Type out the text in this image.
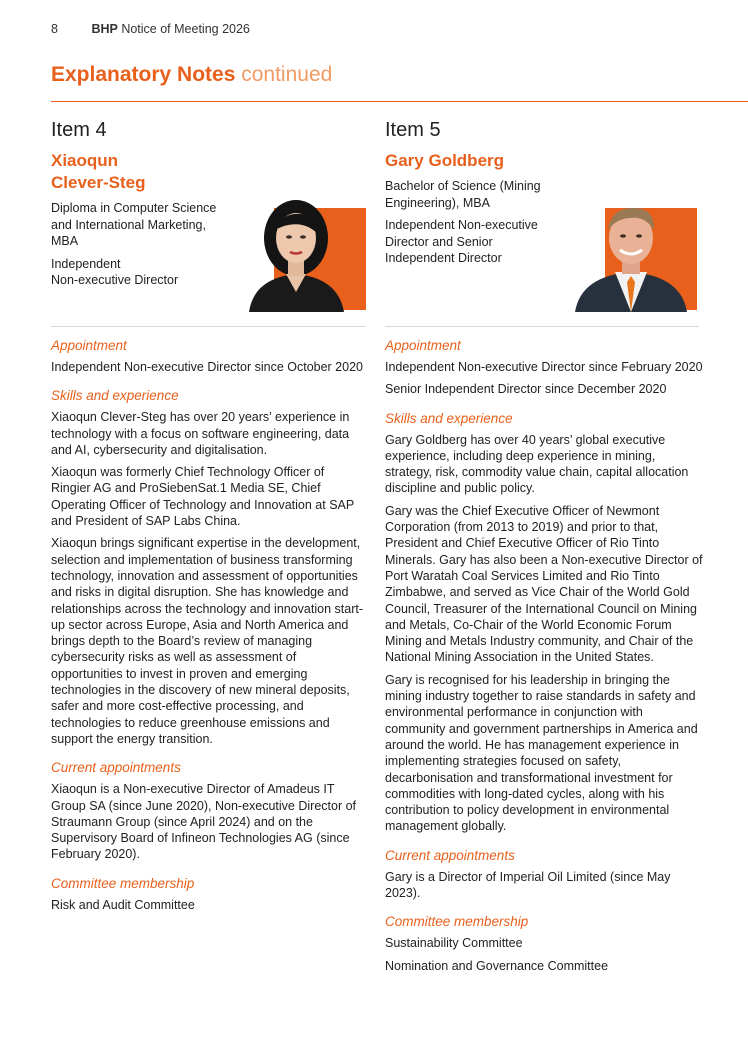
8	BHP Notice of Meeting 2026
Explanatory Notes continued
Item 4
Xiaoqun
Clever-Steg

Diploma in Computer Science and International Marketing, MBA

Independent
Non-executive Director

Appointment

Independent Non-executive Director since October 2020

Skills and experience

Xiaoqun Clever-Steg has over 20 years’ experience in technology with a focus on software engineering, data and AI, cybersecurity and digitalisation.

Xiaoqun was formerly Chief Technology Officer of Ringier AG and ProSiebenSat.1 Media SE, Chief Operating Officer of Technology and Innovation at SAP and President of SAP Labs China.

Xiaoqun brings significant expertise in the development, selection and implementation of business transforming technology, innovation and assessment of opportunities and risks in digital disruption. She has knowledge and relationships across the technology and innovation start-up sector across Europe, Asia and North America and brings depth to the Board’s review of managing cybersecurity risks as well as assessment of opportunities to invest in proven and emerging technologies in the discovery of new mineral deposits, safer and more cost-effective processing, and technologies to reduce greenhouse emissions and support the energy transition.

Current appointments

Xiaoqun is a Non-executive Director of Amadeus IT Group SA (since June 2020), Non-executive Director of Straumann Group (since April 2024) and on the Supervisory Board of Infineon Technologies AG (since February 2020).

Committee membership

Risk and Audit Committee

Item 5
Gary Goldberg

Bachelor of Science (Mining Engineering), MBA

Independent Non-executive Director and Senior Independent Director

Appointment

Independent Non-executive Director since February 2020

Senior Independent Director since December 2020

Skills and experience

Gary Goldberg has over 40 years’ global executive experience, including deep experience in mining, strategy, risk, commodity value chain, capital allocation discipline and public policy.

Gary was the Chief Executive Officer of Newmont Corporation (from 2013 to 2019) and prior to that, President and Chief Executive Officer of Rio Tinto Minerals. Gary has also been a Non-executive Director of Port Waratah Coal Services Limited and Rio Tinto Zimbabwe, and served as Vice Chair of the World Gold Council, Treasurer of the International Council on Mining and Metals, Co-Chair of the World Economic Forum Mining and Metals Industry community, and Chair of the National Mining Association in the United States.

Gary is recognised for his leadership in bringing the mining industry together to raise standards in safety and environmental performance in conjunction with community and government partnerships in America and around the world. He has management experience in implementing strategies focused on safety, decarbonisation and transformational investment for commodities with long-dated cycles, along with his contribution to policy development in environmental management globally.

Current appointments

Gary is a Director of Imperial Oil Limited (since May 2023).

Committee membership

Sustainability Committee

Nomination and Governance Committee
